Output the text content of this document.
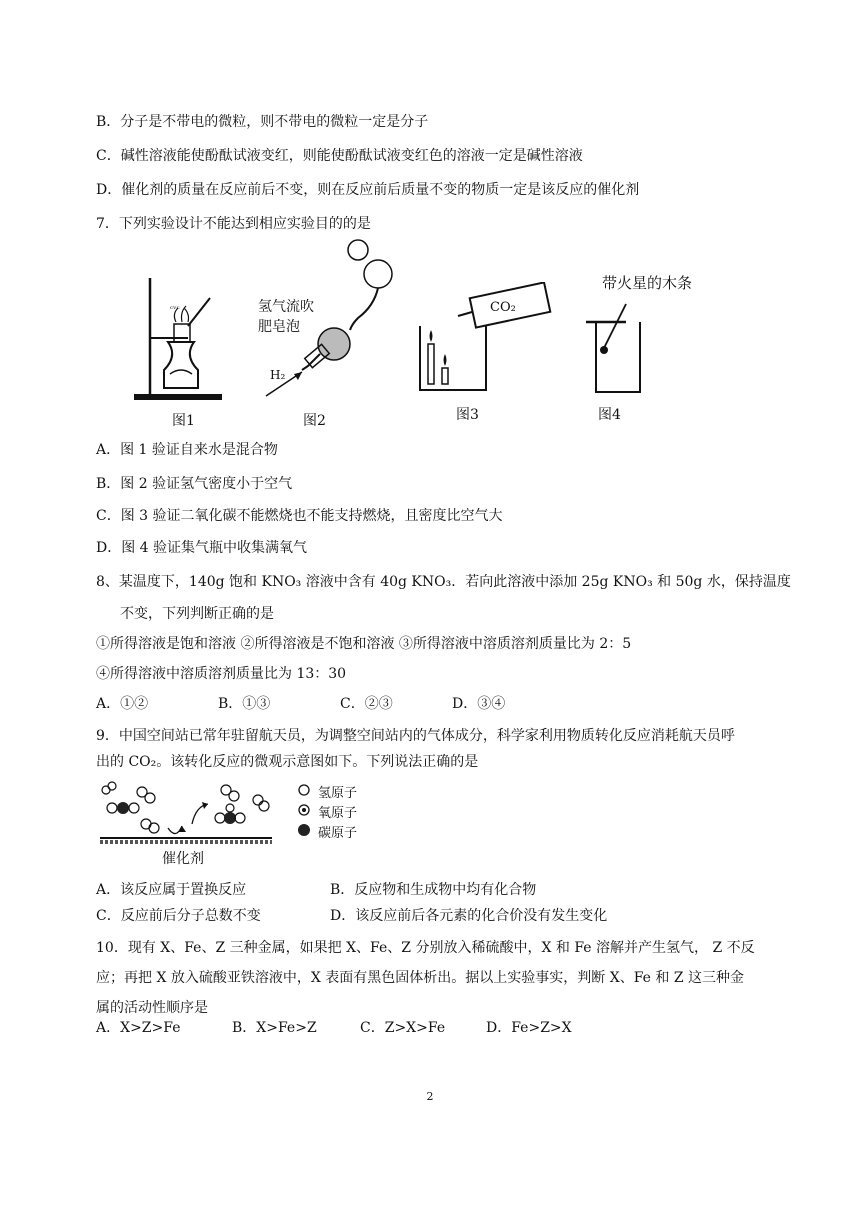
B．分子是不带电的微粒，则不带电的微粒一定是分子
C．碱性溶液能使酚酞试液变红，则能使酚酞试液变红色的溶液一定是碱性溶液
D．催化剂的质量在反应前后不变，则在反应前后质量不变的物质一定是该反应的催化剂
7．下列实验设计不能达到相应实验目的的是
ᶜᵛᶜ
图1
氢气流吹
肥皂泡
H₂
图2
CO₂
图3
带火星的木条
图4
A．图 1 验证自来水是混合物
B．图 2 验证氢气密度小于空气
C．图 3 验证二氧化碳不能燃烧也不能支持燃烧，且密度比空气大
D．图 4 验证集气瓶中收集满氧气
8、某温度下，140g 饱和 KNO₃ 溶液中含有 40g KNO₃．若向此溶液中添加 25g KNO₃ 和 50g 水，保持温度
不变，下列判断正确的是
①所得溶液是饱和溶液 ②所得溶液是不饱和溶液 ③所得溶液中溶质溶剂质量比为 2：5
④所得溶液中溶质溶剂质量比为 13：30
A．①②	B．①③	C．②③	D．③④
9．中国空间站已常年驻留航天员，为调整空间站内的气体成分，科学家利用物质转化反应消耗航天员呼
出的 CO₂。该转化反应的微观示意图如下。下列说法正确的是
催化剂
氢原子
氧原子
碳原子
A．该反应属于置换反应	B．反应物和生成物中均有化合物
C．反应前后分子总数不变	D．该反应前后各元素的化合价没有发生变化
10．现有 X、Fe、Z 三种金属，如果把 X、Fe、Z 分别放入稀硫酸中，X 和 Fe 溶解并产生氢气， Z 不反
应；再把 X 放入硫酸亚铁溶液中，X 表面有黑色固体析出。据以上实验事实，判断 X、Fe 和 Z 这三种金
属的活动性顺序是
A．X>Z>Fe	B．X>Fe>Z	C．Z>X>Fe	D．Fe>Z>X
2
